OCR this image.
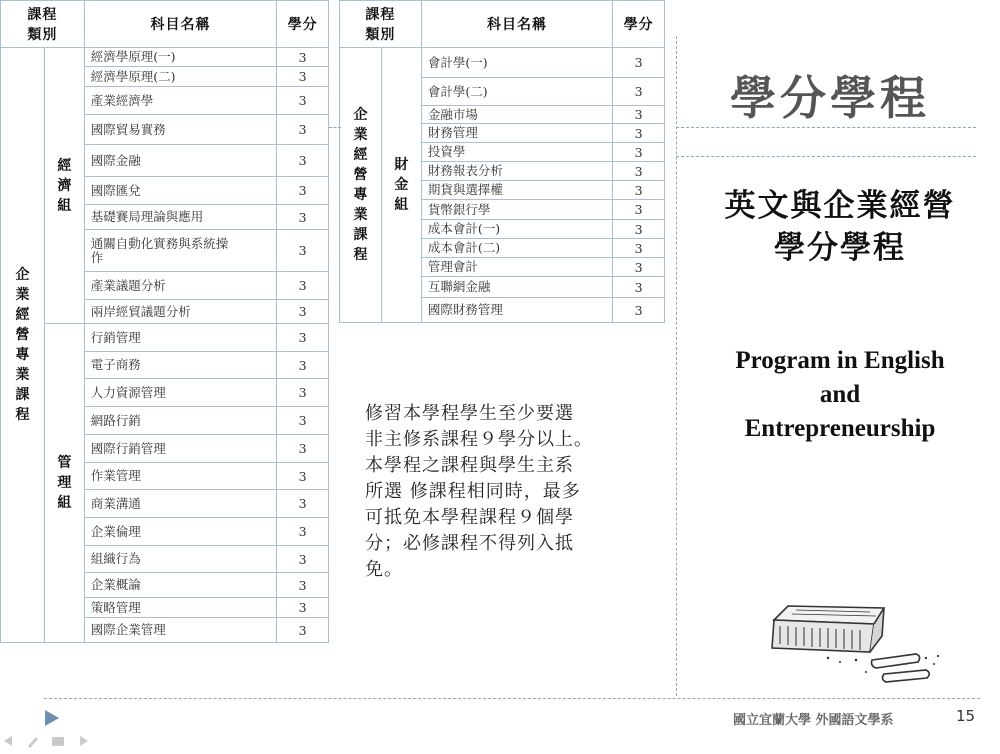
課程類別		科目名稱	學分
企業經營專業課程	經濟組	經濟學原理(一)	3
		經濟學原理(二)	3
		產業經濟學	3
		國際貿易實務	3
		國際金融	3
		國際匯兌	3
		基礎賽局理論與應用	3
		通關自動化實務與系統操作	3
		產業議題分析	3
		兩岸經貿議題分析	3
	管理組	行銷管理	3
		電子商務	3
		人力資源管理	3
		網路行銷	3
		國際行銷管理	3
		作業管理	3
		商業溝通	3
		企業倫理	3
		組織行為	3
		企業概論	3
		策略管理	3
		國際企業管理	3
課程類別		科目名稱	學分
企業經營專業課程	財金組	會計學(一)	3
		會計學(二)	3
		金融市場	3
		財務管理	3
		投資學	3
		財務報表分析	3
		期貨與選擇權	3
		貨幣銀行學	3
		成本會計(一)	3
		成本會計(二)	3
		管理會計	3
		互聯網金融	3
		國際財務管理	3
學分學程
英文與企業經營
學分學程
Program in English
and
Entrepreneurship
修習本學程學生至少要選
非主修系課程９學分以上。
本學程之課程與學生主系
所選 修課程相同時，最多
可抵免本學程課程９個學
分；必修課程不得列入抵
免。
國立宜蘭大學 外國語文學系	15
